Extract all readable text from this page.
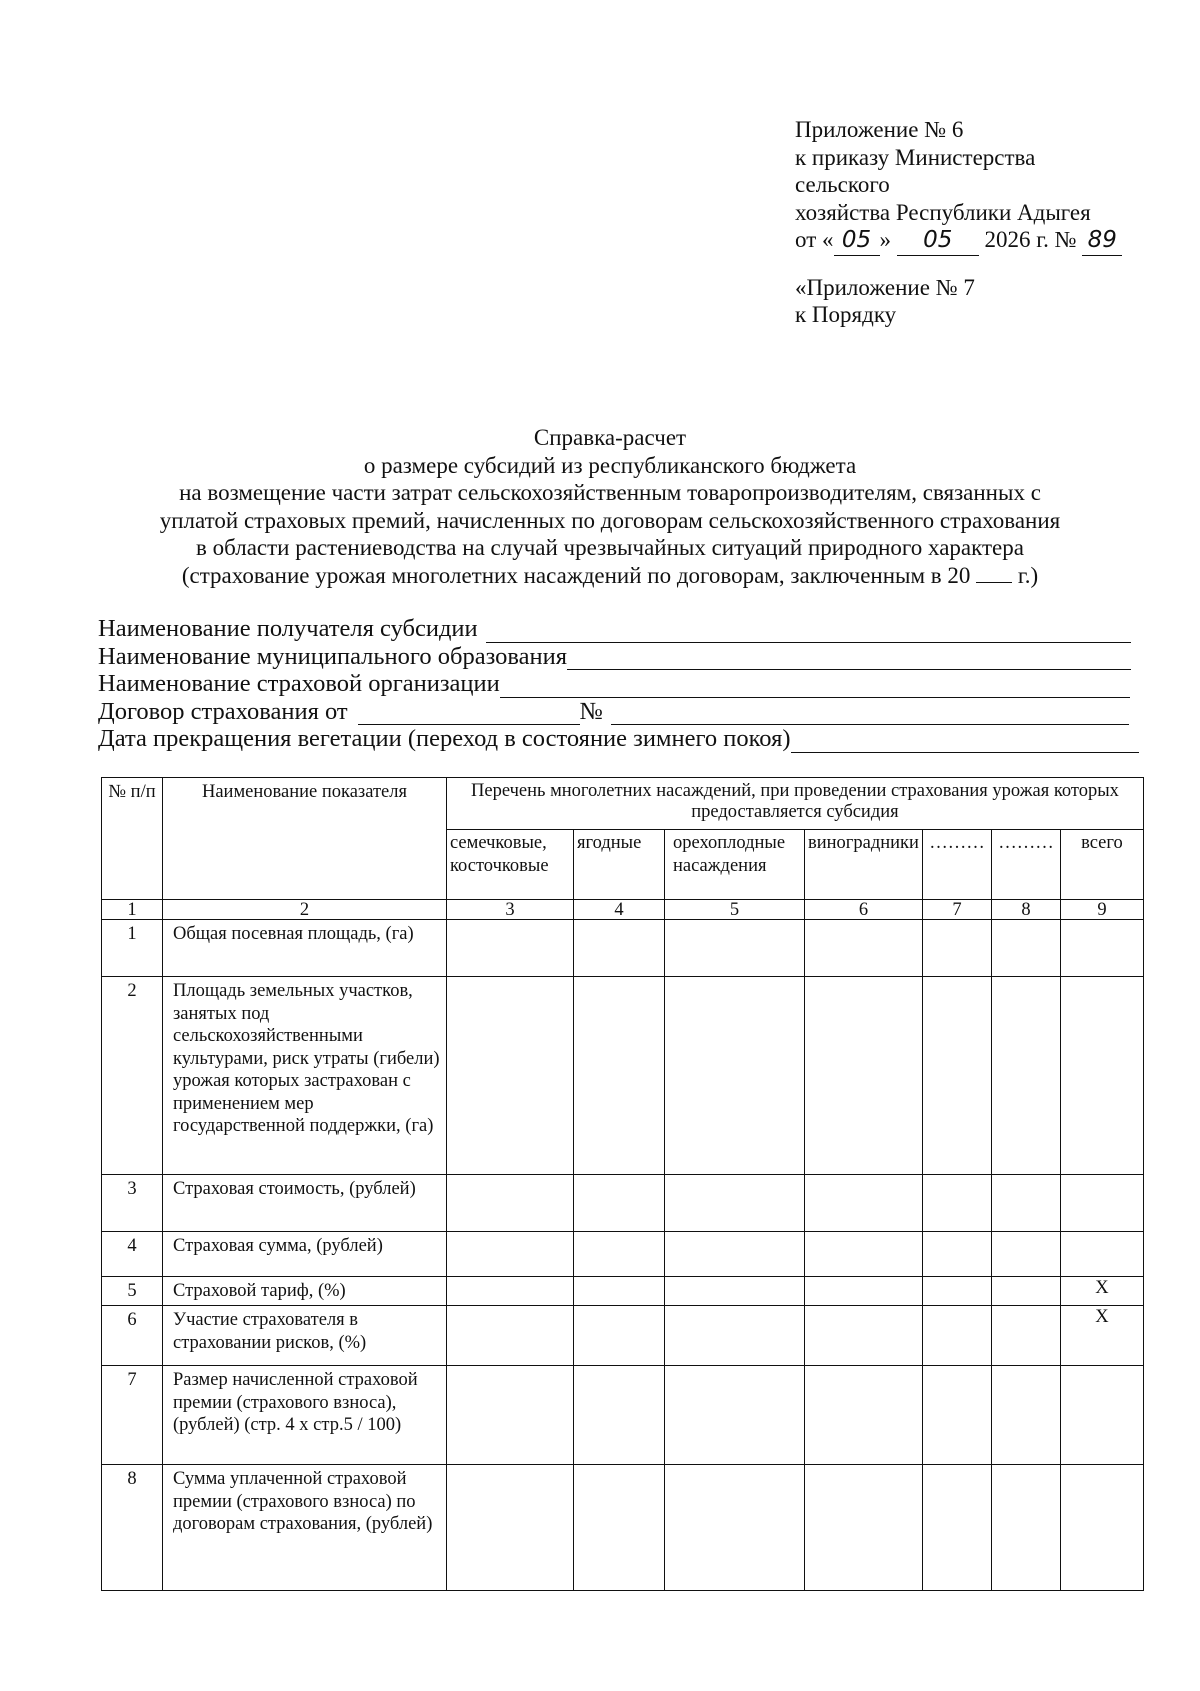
Приложение № 6
к приказу Министерства
сельского
хозяйства Республики Адыгея
от « 05 » 05 2026 г. № 89
«Приложение № 7
к Порядку
Справка-расчет
о размере субсидий из республиканского бюджета
на возмещение части затрат сельскохозяйственным товаропроизводителям, связанных с
уплатой страховых премий, начисленных по договорам сельскохозяйственного страхования
в области растениеводства на случай чрезвычайных ситуаций природного характера
(страхование урожая многолетних насаждений по договорам, заключенным в 20 г.)
Наименование получателя субсидии
Наименование муниципального образования
Наименование страховой организации
Договор страхования от	№
Дата прекращения вегетации (переход в состояние зимнего покоя)
№ п/п	Наименование показателя	Перечень многолетних насаждений, при проведении страхования урожая которых предоставляется субсидия						
		семечковые, косточковые	ягодные	орехоплодные насаждения	виноградники	………	………	всего
1	2	3	4	5	6	7	8	9
1	Общая посевная площадь, (га)							
2	Площадь земельных участков, занятых под сельскохозяйственными культурами, риск утраты (гибели) урожая которых застрахован с применением мер государственной поддержки, (га)							
3	Страховая стоимость, (рублей)							
4	Страховая сумма, (рублей)							
5	Страховой тариф, (%)							X
6	Участие страхователя в страховании рисков, (%)							X
7	Размер начисленной страховой премии (страхового взноса), (рублей) (стр. 4 х стр.5 / 100)							
8	Сумма уплаченной страховой премии (страхового взноса) по договорам страхования, (рублей)							
